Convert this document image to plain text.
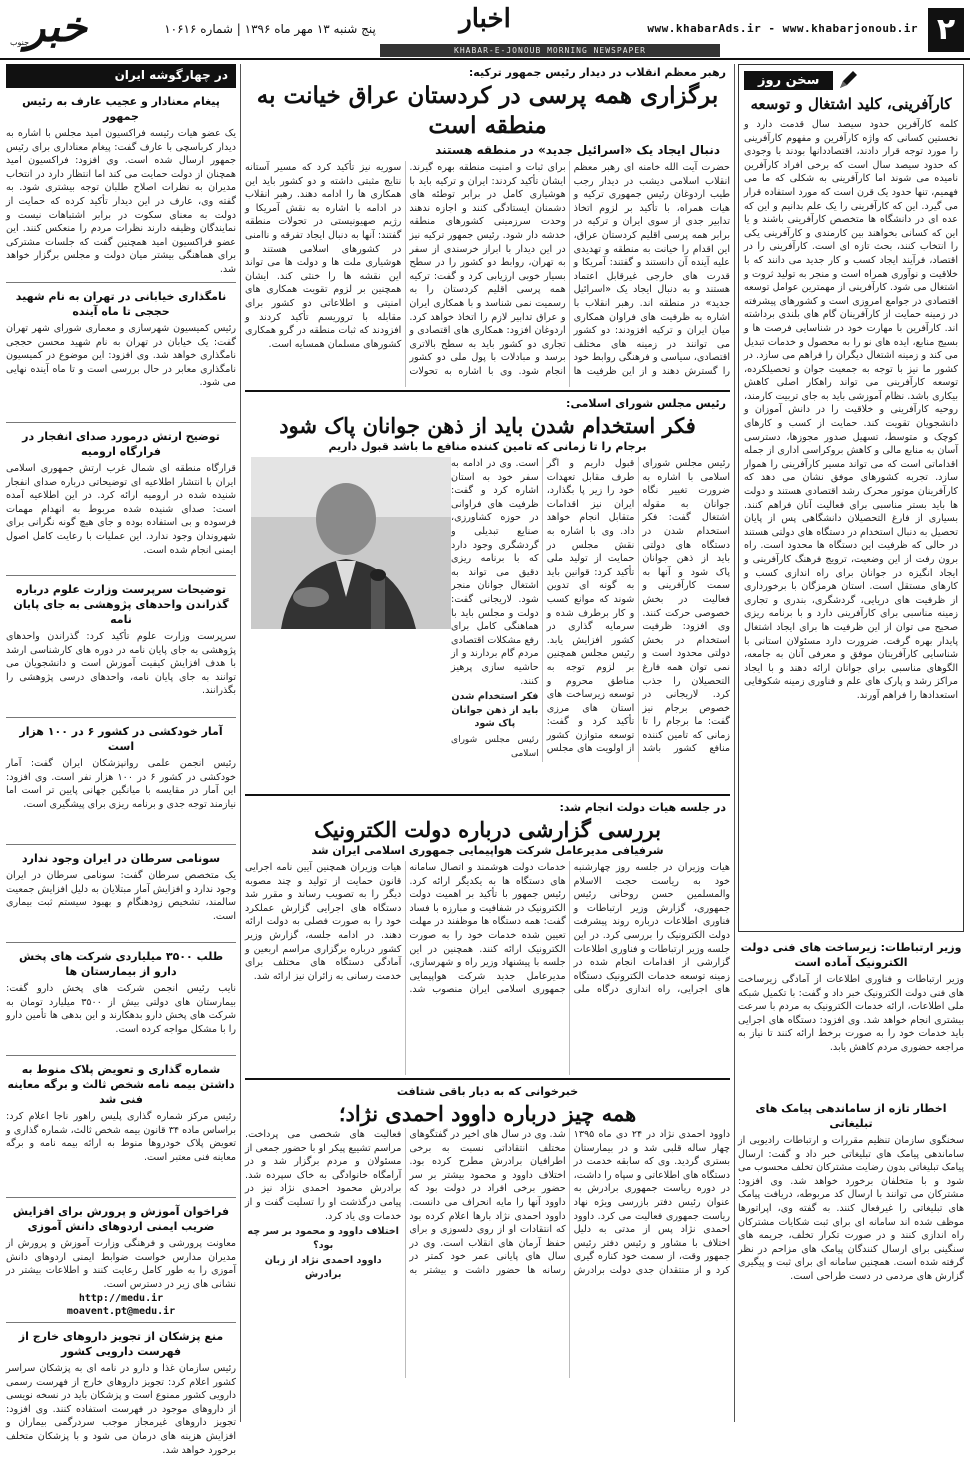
۲
www.khabarAds.ir - www.khabarjonoub.ir
اخبار
پنج شنبه ۱۳ مهر ماه ۱۳۹۶ | شماره ۱۰۶۱۶
KHABAR-E-JONOUB MORNING NEWSPAPER
خبر
جنوب
سخن روز
کارآفرینی، کلید اشتغال و توسعه
کلمه کارآفرین حدود سیصد سال قدمت دارد و نخستین کسانی که واژه کارآفرین و مفهوم کارآفرینی را مورد توجه قرار دادند، اقتصاددانها بودند با وجودی که حدود سیصد سال است که برخی افراد کارآفرین نامیده می شوند اما کارآفرینی به شکلی که ما می فهمیم، تنها حدود یک قرن است که مورد استفاده قرار می گیرد. این که کارآفرینی را یک علم بدانیم و این که عده ای در دانشگاه ها متخصص کارآفرینی باشند و یا این که کسانی بخواهند بین کارمندی و کارآفرینی یکی را انتخاب کنند، بحث تازه ای است. کارآفرینی را در اقتصاد، فرآیند ایجاد کسب و کار جدید می دانند که با خلاقیت و نوآوری همراه است و منجر به تولید ثروت و اشتغال می شود. کارآفرینی از مهمترین عوامل توسعه اقتصادی در جوامع امروزی است و کشورهای پیشرفته در زمینه حمایت از کارآفرینان گام های بلندی برداشته اند. کارآفرین با مهارت خود در شناسایی فرصت ها و بسیج منابع، ایده های نو را به محصول و خدمات تبدیل می کند و زمینه اشتغال دیگران را فراهم می سازد. در کشور ما نیز با توجه به جمعیت جوان و تحصیلکرده، توسعه کارآفرینی می تواند راهکار اصلی کاهش بیکاری باشد. نظام آموزشی باید به جای تربیت کارمند، روحیه کارآفرینی و خلاقیت را در دانش آموزان و دانشجویان تقویت کند. حمایت از کسب و کارهای کوچک و متوسط، تسهیل صدور مجوزها، دسترسی آسان به منابع مالی و کاهش بروکراسی اداری از جمله اقداماتی است که می تواند مسیر کارآفرینی را هموار سازد. تجربه کشورهای موفق نشان می دهد که کارآفرینان موتور محرک رشد اقتصادی هستند و دولت ها باید بستر مناسبی برای فعالیت آنان فراهم کنند. بسیاری از فارغ التحصیلان دانشگاهی پس از پایان تحصیل به دنبال استخدام در دستگاه های دولتی هستند در حالی که ظرفیت این دستگاه ها محدود است. راه برون رفت از این وضعیت، ترویج فرهنگ کارآفرینی و ایجاد انگیزه در جوانان برای راه اندازی کسب و کارهای مستقل است. استان هرمزگان با برخورداری از ظرفیت های دریایی، گردشگری، بندری و تجاری زمینه مناسبی برای کارآفرینی دارد و با برنامه ریزی صحیح می توان از این ظرفیت ها برای ایجاد اشتغال پایدار بهره گرفت. ضرورت دارد مسئولان استانی با شناسایی کارآفرینان موفق و معرفی آنان به جامعه، الگوهای مناسبی برای جوانان ارائه دهند و با ایجاد مراکز رشد و پارک های علم و فناوری زمینه شکوفایی استعدادها را فراهم آورند.
وزیر ارتباطات: زیرساخت های فنی دولت الکترونیک آماده است
وزیر ارتباطات و فناوری اطلاعات از آمادگی زیرساخت های فنی دولت الکترونیک خبر داد و گفت: با تکمیل شبکه ملی اطلاعات، ارائه خدمات الکترونیک به مردم با سرعت بیشتری انجام خواهد شد. وی افزود: دستگاه های اجرایی باید خدمات خود را به صورت برخط ارائه کنند تا نیاز به مراجعه حضوری مردم کاهش یابد.
اخطار تازه از ساماندهی پیامک های تبلیغاتی
سخنگوی سازمان تنظیم مقررات و ارتباطات رادیویی از ساماندهی پیامک های تبلیغاتی خبر داد و گفت: ارسال پیامک تبلیغاتی بدون رضایت مشترکان تخلف محسوب می شود و با متخلفان برخورد خواهد شد. وی افزود: مشترکان می توانند با ارسال کد مربوطه، دریافت پیامک های تبلیغاتی را غیرفعال کنند. به گفته وی، اپراتورها موظف شده اند سامانه ای برای ثبت شکایات مشترکان راه اندازی کنند و در صورت تکرار تخلف، جریمه های سنگینی برای ارسال کنندگان پیامک های مزاحم در نظر گرفته شده است. همچنین سامانه ای برای ثبت و پیگیری گزارش های مردمی در دست طراحی است.
رهبر معظم انقلاب در دیدار رئیس جمهور ترکیه:
برگزاری همه پرسی در کردستان عراق خیانت به منطقه است
دنبال ایجاد یک «اسرائیل جدید» در منطقه هستند
حضرت آیت الله خامنه ای رهبر معظم انقلاب اسلامی دیشب در دیدار رجب طیب اردوغان رئیس جمهوری ترکیه و هیات همراه، با تأکید بر لزوم اتخاذ تدابیر جدی از سوی ایران و ترکیه در برابر همه پرسی اقلیم کردستان عراق، این اقدام را خیانت به منطقه و تهدیدی علیه آینده آن دانستند و گفتند: آمریکا و قدرت های خارجی غیرقابل اعتماد هستند و به دنبال ایجاد یک «اسرائیل جدید» در منطقه اند. رهبر انقلاب با اشاره به ظرفیت های فراوان همکاری میان ایران و ترکیه افزودند: دو کشور می توانند در زمینه های مختلف اقتصادی، سیاسی و فرهنگی روابط خود را گسترش دهند و از این ظرفیت ها برای ثبات و امنیت منطقه بهره گیرند. ایشان تأکید کردند: ایران و ترکیه باید با هوشیاری کامل در برابر توطئه های دشمنان ایستادگی کنند و اجازه ندهند وحدت سرزمینی کشورهای منطقه خدشه دار شود. رئیس جمهور ترکیه نیز در این دیدار با ابراز خرسندی از سفر به تهران، روابط دو کشور را در سطح بسیار خوبی ارزیابی کرد و گفت: ترکیه همه پرسی اقلیم کردستان را به رسمیت نمی شناسد و با همکاری ایران و عراق تدابیر لازم را اتخاذ خواهد کرد. اردوغان افزود: همکاری های اقتصادی و تجاری دو کشور باید به سطح بالاتری برسد و مبادلات با پول ملی دو کشور انجام شود. وی با اشاره به تحولات سوریه نیز تأکید کرد که مسیر آستانه نتایج مثبتی داشته و دو کشور باید این همکاری ها را ادامه دهند. رهبر انقلاب در ادامه با اشاره به نقش آمریکا و رژیم صهیونیستی در تحولات منطقه گفتند: آنها به دنبال ایجاد تفرقه و ناامنی در کشورهای اسلامی هستند و هوشیاری ملت ها و دولت ها می تواند این نقشه ها را خنثی کند. ایشان همچنین بر لزوم تقویت همکاری های امنیتی و اطلاعاتی دو کشور برای مقابله با تروریسم تأکید کردند و افزودند که ثبات منطقه در گرو همکاری کشورهای مسلمان همسایه است.
رئیس مجلس شورای اسلامی:
فکر استخدام شدن باید از ذهن جوانان پاک شود
برجام را تا زمانی که تامین کننده منافع ما باشد قبول داریم
رئیس مجلس شورای اسلامی با اشاره به ضرورت تغییر نگاه جوانان به مقوله اشتغال گفت: فکر استخدام شدن در دستگاه های دولتی باید از ذهن جوانان پاک شود و آنها به سمت کارآفرینی و فعالیت در بخش خصوصی حرکت کنند. وی افزود: ظرفیت استخدام در بخش دولتی محدود است و نمی توان همه فارغ التحصیلان را جذب کرد. لاریجانی در خصوص برجام نیز گفت: ما برجام را تا زمانی که تامین کننده منافع کشور باشد قبول داریم و اگر طرف مقابل تعهدات خود را زیر پا بگذارد، ایران نیز اقدامات متقابل انجام خواهد داد. وی با اشاره به نقش مجلس در حمایت از تولید ملی تأکید کرد: قوانین باید به گونه ای تدوین شوند که موانع کسب و کار برطرف شده و سرمایه گذاری در کشور افزایش یابد. رئیس مجلس همچنین بر لزوم توجه به مناطق محروم و توسعه زیرساخت های استان های مرزی تأکید کرد و گفت: توسعه متوازن کشور از اولویت های مجلس است. وی در ادامه به سفر خود به استان اشاره کرد و گفت: ظرفیت های فراوانی در حوزه کشاورزی، صنایع تبدیلی و گردشگری وجود دارد که با برنامه ریزی دقیق می تواند به اشتغال جوانان منجر شود. لاریجانی گفت: دولت و مجلس باید با هماهنگی کامل برای رفع مشکلات اقتصادی مردم گام بردارند و از حاشیه سازی پرهیز کنند.
فکر استخدام شدن باید از ذهن جوانان پاک شود
رئیس مجلس شورای اسلامی
در جلسه هیات دولت انجام شد:
بررسی گزارشی درباره دولت الکترونیک
شرفیافی مدیرعامل شرکت هواپیمایی جمهوری اسلامی ایران شد
هیات وزیران در جلسه روز چهارشنبه خود به ریاست حجت الاسلام والمسلمین حسن روحانی رئیس جمهوری، گزارش وزیر ارتباطات و فناوری اطلاعات درباره روند پیشرفت دولت الکترونیک را بررسی کرد. در این جلسه وزیر ارتباطات و فناوری اطلاعات گزارشی از اقدامات انجام شده در زمینه توسعه خدمات الکترونیک دستگاه های اجرایی، راه اندازی درگاه ملی خدمات دولت هوشمند و اتصال سامانه های دستگاه ها به یکدیگر ارائه کرد. رئیس جمهور با تأکید بر اهمیت دولت الکترونیک در شفافیت و مبارزه با فساد گفت: همه دستگاه ها موظفند در مهلت تعیین شده خدمات خود را به صورت الکترونیک ارائه کنند. همچنین در این جلسه با پیشنهاد وزیر راه و شهرسازی، مدیرعامل جدید شرکت هواپیمایی جمهوری اسلامی ایران منصوب شد. هیات وزیران همچنین آیین نامه اجرایی قانون حمایت از تولید و چند مصوبه دیگر را به تصویب رساند و مقرر شد دستگاه های اجرایی گزارش عملکرد خود را به صورت فصلی به دولت ارائه دهند. در ادامه جلسه، گزارش وزیر کشور درباره برگزاری مراسم اربعین و آمادگی دستگاه های مختلف برای خدمت رسانی به زائران نیز ارائه شد.
خبرخوانی که به دیار باقی شتافت
همه چیز درباره داوود احمدی نژاد؛
داوود احمدی نژاد در ۲۴ دی ماه ۱۳۹۵ چهار ساله قلبی شد و در بیمارستان بستری گردید. وی که سابقه خدمت در دستگاه های اطلاعاتی و سپاه را داشت، در دوره ریاست جمهوری برادرش به عنوان رئیس دفتر بازرسی ویژه نهاد ریاست جمهوری فعالیت می کرد. داوود احمدی نژاد پس از مدتی به دلیل اختلاف با مشاور و رئیس دفتر رئیس جمهور وقت، از سمت خود کناره گیری کرد و از منتقدان جدی دولت برادرش شد. وی در سال های اخیر در گفتگوهای مختلف انتقاداتی نسبت به برخی اطرافیان برادرش مطرح کرده بود. اختلاف داوود و محمود بیشتر بر سر حضور برخی افراد در دولت بود که داوود آنها را مایه انحراف می دانست. داوود احمدی نژاد بارها اعلام کرده بود که انتقادات او از روی دلسوزی و برای حفظ آرمان های انقلاب است. وی در سال های پایانی عمر خود کمتر در رسانه ها حضور داشت و بیشتر به فعالیت های شخصی می پرداخت. مراسم تشییع پیکر او با حضور جمعی از مسئولان و مردم برگزار شد و در آرامگاه خانوادگی به خاک سپرده شد. برادرش محمود احمدی نژاد نیز در پیامی درگذشت او را تسلیت گفت و از خدمات وی یاد کرد.
اختلاف داوود و محمود بر سر چه بود؟
داوود احمدی نژاد از زبان برادرش
در چهارگوشه ایران
پیغام معنادار و عجیب عارف به رئیس جمهور
یک عضو هیات رئیسه فراکسیون امید مجلس با اشاره به دیدار کرباسچی با عارف گفت: پیغام معناداری برای رئیس جمهور ارسال شده است. وی افزود: فراکسیون امید همچنان از دولت حمایت می کند اما انتظار دارد در انتخاب مدیران به نظرات اصلاح طلبان توجه بیشتری شود. به گفته وی، عارف در این دیدار تأکید کرده که حمایت از دولت به معنای سکوت در برابر اشتباهات نیست و نمایندگان وظیفه دارند نظرات مردم را منعکس کنند. این عضو فراکسیون امید همچنین گفت که جلسات مشترکی برای هماهنگی بیشتر میان دولت و مجلس برگزار خواهد شد.
نامگذاری خیابانی در تهران به نام شهید حججی تا ماه آینده
رئیس کمیسیون شهرسازی و معماری شورای شهر تهران گفت: یک خیابان در تهران به نام شهید محسن حججی نامگذاری خواهد شد. وی افزود: این موضوع در کمیسیون نامگذاری معابر در حال بررسی است و تا ماه آینده نهایی می شود.
توضیح ارتش درمورد صدای انفجار در فرارگاه ارومیه
قرارگاه منطقه ای شمال غرب ارتش جمهوری اسلامی ایران با انتشار اطلاعیه ای توضیحاتی درباره صدای انفجار شنیده شده در ارومیه ارائه کرد. در این اطلاعیه آمده است: صدای شنیده شده مربوط به انهدام مهمات فرسوده و بی استفاده بوده و جای هیچ گونه نگرانی برای شهروندان وجود ندارد. این عملیات با رعایت کامل اصول ایمنی انجام شده است.
توضیحات سرپرست وزارت علوم درباره گذراندن واحدهای پژوهشی به جای پایان نامه
سرپرست وزارت علوم تأکید کرد: گذراندن واحدهای پژوهشی به جای پایان نامه در دوره های کارشناسی ارشد با هدف افزایش کیفیت آموزش است و دانشجویان می توانند به جای پایان نامه، واحدهای درسی پژوهشی را بگذرانند.
آمار خودکشی در کشور ۶ در ۱۰۰ هزار است
رئیس انجمن علمی روانپزشکان ایران گفت: آمار خودکشی در کشور ۶ در ۱۰۰ هزار نفر است. وی افزود: این آمار در مقایسه با میانگین جهانی پایین تر است اما نیازمند توجه جدی و برنامه ریزی برای پیشگیری است.
سونامی سرطان در ایران وجود ندارد
یک متخصص سرطان گفت: سونامی سرطان در ایران وجود ندارد و افزایش آمار مبتلایان به دلیل افزایش جمعیت سالمند، تشخیص زودهنگام و بهبود سیستم ثبت بیماری است.
طلب ۳۵۰۰ میلیاردی شرکت های پخش دارو از بیمارستان ها
نایب رئیس انجمن شرکت های پخش دارو گفت: بیمارستان های دولتی بیش از ۳۵۰۰ میلیارد تومان به شرکت های پخش دارو بدهکارند و این بدهی ها تأمین دارو را با مشکل مواجه کرده است.
شماره گذاری و تعویض پلاک منوط به داشتن بیمه نامه شخص ثالث و برگه معاینه فنی شد
رئیس مرکز شماره گذاری پلیس راهور ناجا اعلام کرد: براساس ماده ۳۴ قانون بیمه شخص ثالث، شماره گذاری و تعویض پلاک خودروها منوط به ارائه بیمه نامه و برگه معاینه فنی معتبر است.
فراخوان آموزش و پرورش برای افزایش ضریب ایمنی اردوهای دانش آموزی
معاونت پرورشی و فرهنگی وزارت آموزش و پرورش از مدیران مدارس خواست ضوابط ایمنی اردوهای دانش آموزی را به طور کامل رعایت کنند و اطلاعات بیشتر در نشانی های زیر در دسترس است.
http://medu.ir
moavent.pt@medu.ir
منع پزشکان از تجویز داروهای خارج از فهرست دارویی کشور
رئیس سازمان غذا و دارو در نامه ای به پزشکان سراسر کشور اعلام کرد: تجویز داروهای خارج از فهرست رسمی دارویی کشور ممنوع است و پزشکان باید در نسخه نویسی از داروهای موجود در فهرست استفاده کنند. وی افزود: تجویز داروهای غیرمجاز موجب سردرگمی بیماران و افزایش هزینه های درمان می شود و با پزشکان متخلف برخورد خواهد شد.
